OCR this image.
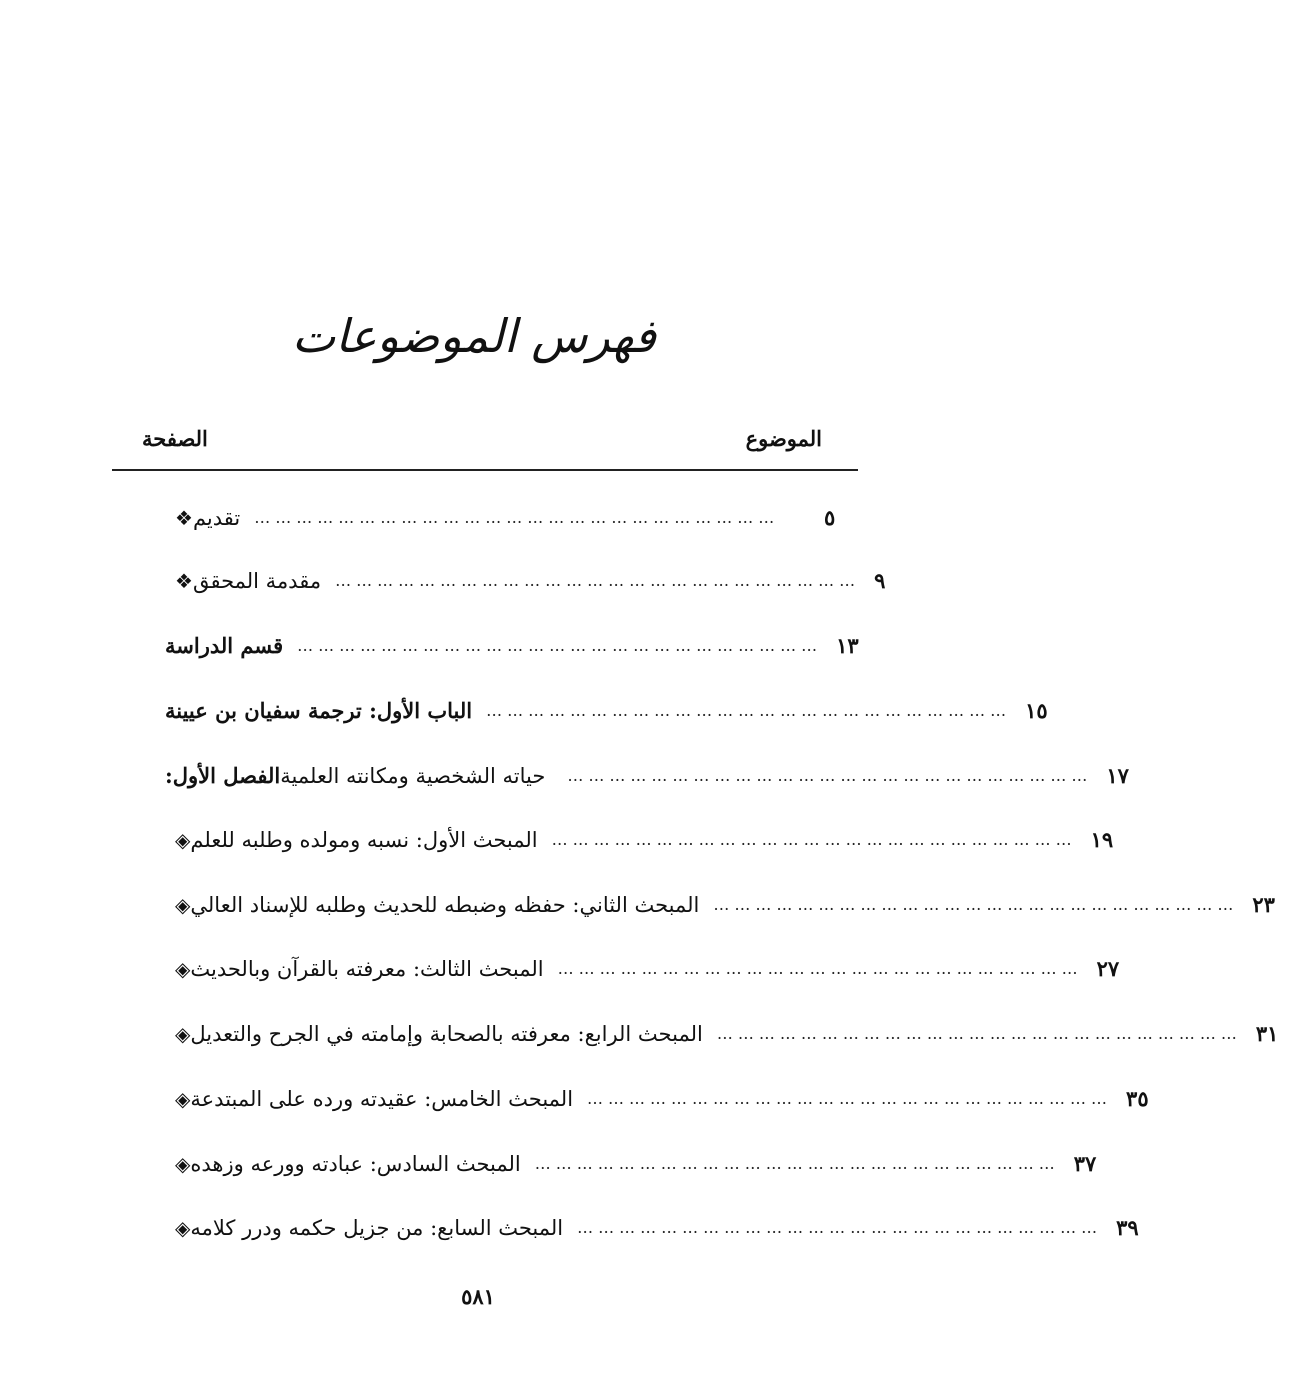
فهرس الموضوعات
الموضوع
الصفحة
❖ تقديم …………………………………………………………………	٥
❖ مقدمة المحقق ………………………………………………………………… ٩
قسم الدراسة ………………………………………………………………… ١٣
الباب الأول: ترجمة سفيان بن عيينة ………………………………………………………………… ١٥
الفصل الأول: حياته الشخصية ومكانته العلمية ………………………………………………………………… ١٧
◈ المبحث الأول: نسبه ومولده وطلبه للعلم ………………………………………………………………… ١٩
◈ المبحث الثاني: حفظه وضبطه للحديث وطلبه للإسناد العالي ………………………………………………………………… ٢٣
◈ المبحث الثالث: معرفته بالقرآن وبالحديث ………………………………………………………………… ٢٧
◈ المبحث الرابع: معرفته بالصحابة وإمامته في الجرح والتعديل ………………………………………………………………… ٣١
◈ المبحث الخامس: عقيدته ورده على المبتدعة ………………………………………………………………… ٣٥
◈ المبحث السادس: عبادته وورعه وزهده ………………………………………………………………… ٣٧
◈ المبحث السابع: من جزيل حكمه ودرر كلامه ………………………………………………………………… ٣٩
٥٨١
